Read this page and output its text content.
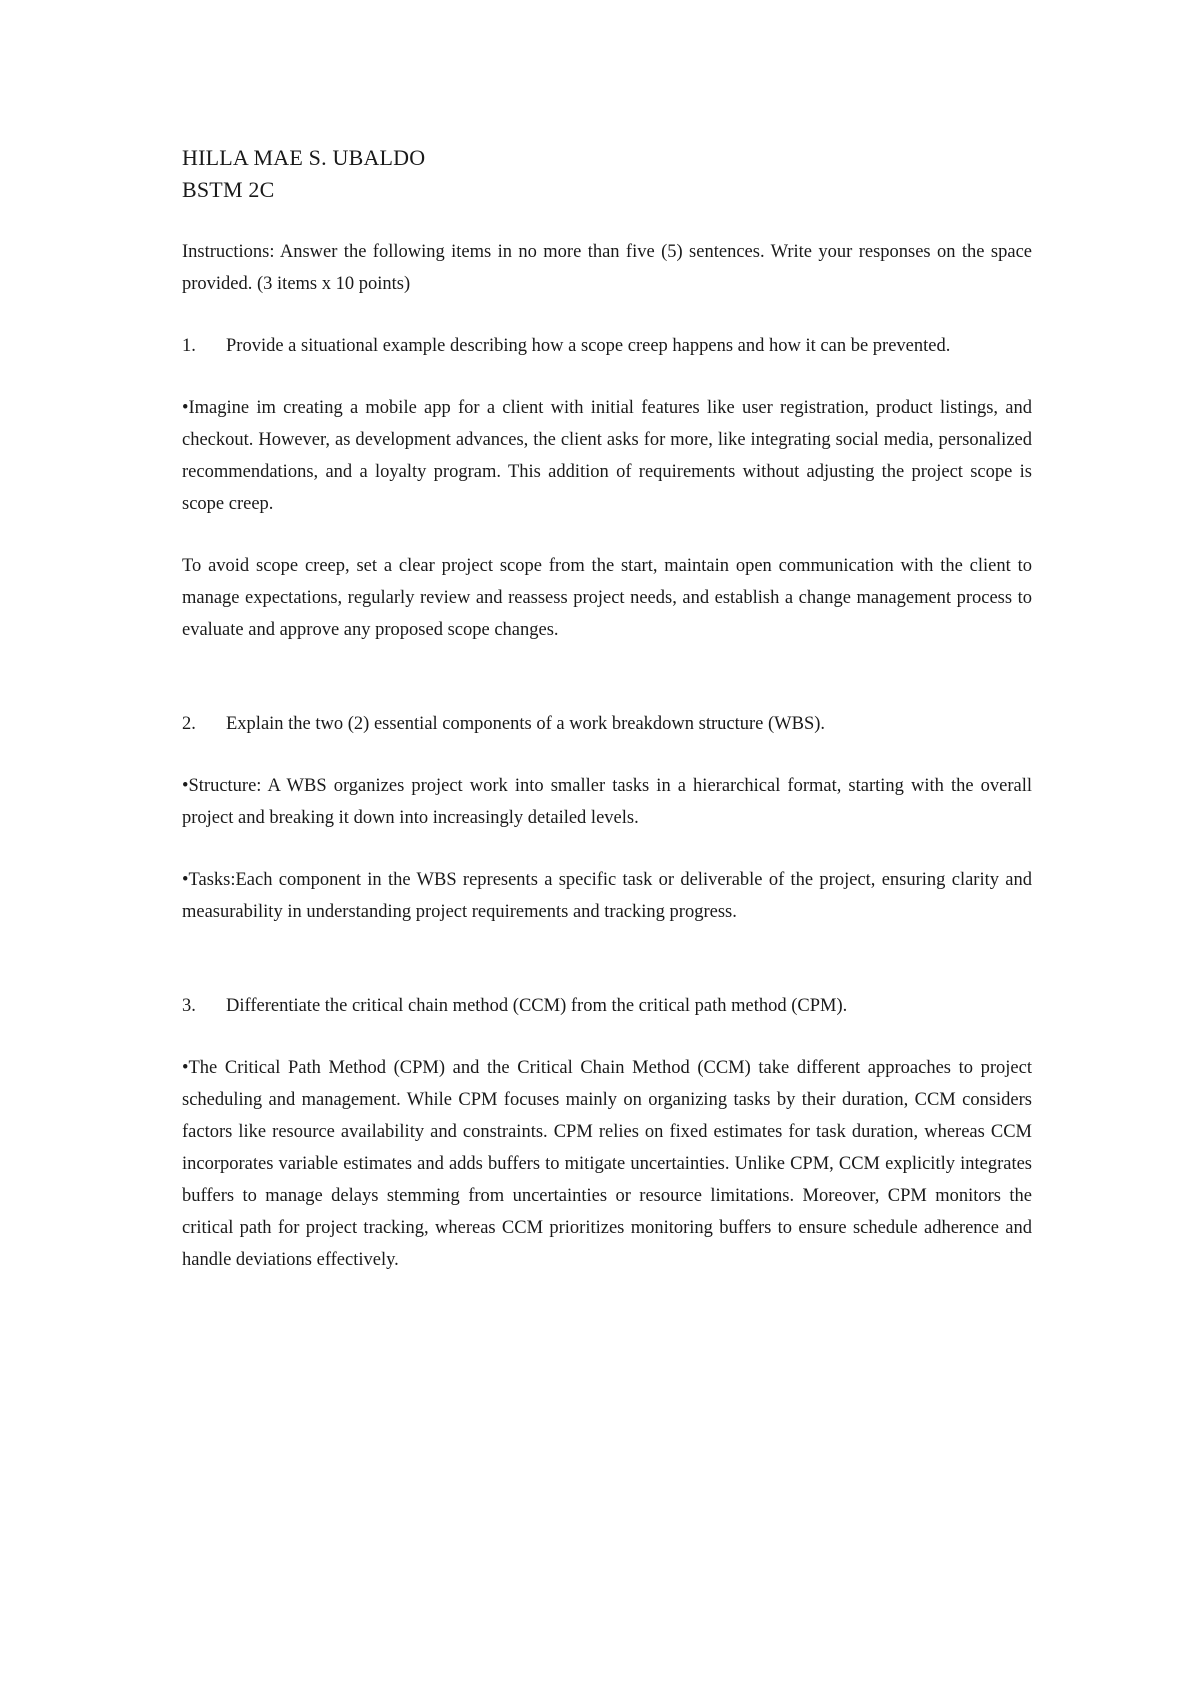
HILLA MAE S. UBALDO
BSTM 2C

Instructions: Answer the following items in no more than five (5) sentences. Write your responses on the space provided. (3 items x 10 points)

1. Provide a situational example describing how a scope creep happens and how it can be prevented.

•Imagine im creating a mobile app for a client with initial features like user registration, product listings, and checkout. However, as development advances, the client asks for more, like integrating social media, personalized recommendations, and a loyalty program. This addition of requirements without adjusting the project scope is scope creep.

To avoid scope creep, set a clear project scope from the start, maintain open communication with the client to manage expectations, regularly review and reassess project needs, and establish a change management process to evaluate and approve any proposed scope changes.

2. Explain the two (2) essential components of a work breakdown structure (WBS).

•Structure: A WBS organizes project work into smaller tasks in a hierarchical format, starting with the overall project and breaking it down into increasingly detailed levels.

•Tasks:Each component in the WBS represents a specific task or deliverable of the project, ensuring clarity and measurability in understanding project requirements and tracking progress.

3. Differentiate the critical chain method (CCM) from the critical path method (CPM).

•The Critical Path Method (CPM) and the Critical Chain Method (CCM) take different approaches to project scheduling and management. While CPM focuses mainly on organizing tasks by their duration, CCM considers factors like resource availability and constraints. CPM relies on fixed estimates for task duration, whereas CCM incorporates variable estimates and adds buffers to mitigate uncertainties. Unlike CPM, CCM explicitly integrates buffers to manage delays stemming from uncertainties or resource limitations. Moreover, CPM monitors the critical path for project tracking, whereas CCM prioritizes monitoring buffers to ensure schedule adherence and handle deviations effectively.
